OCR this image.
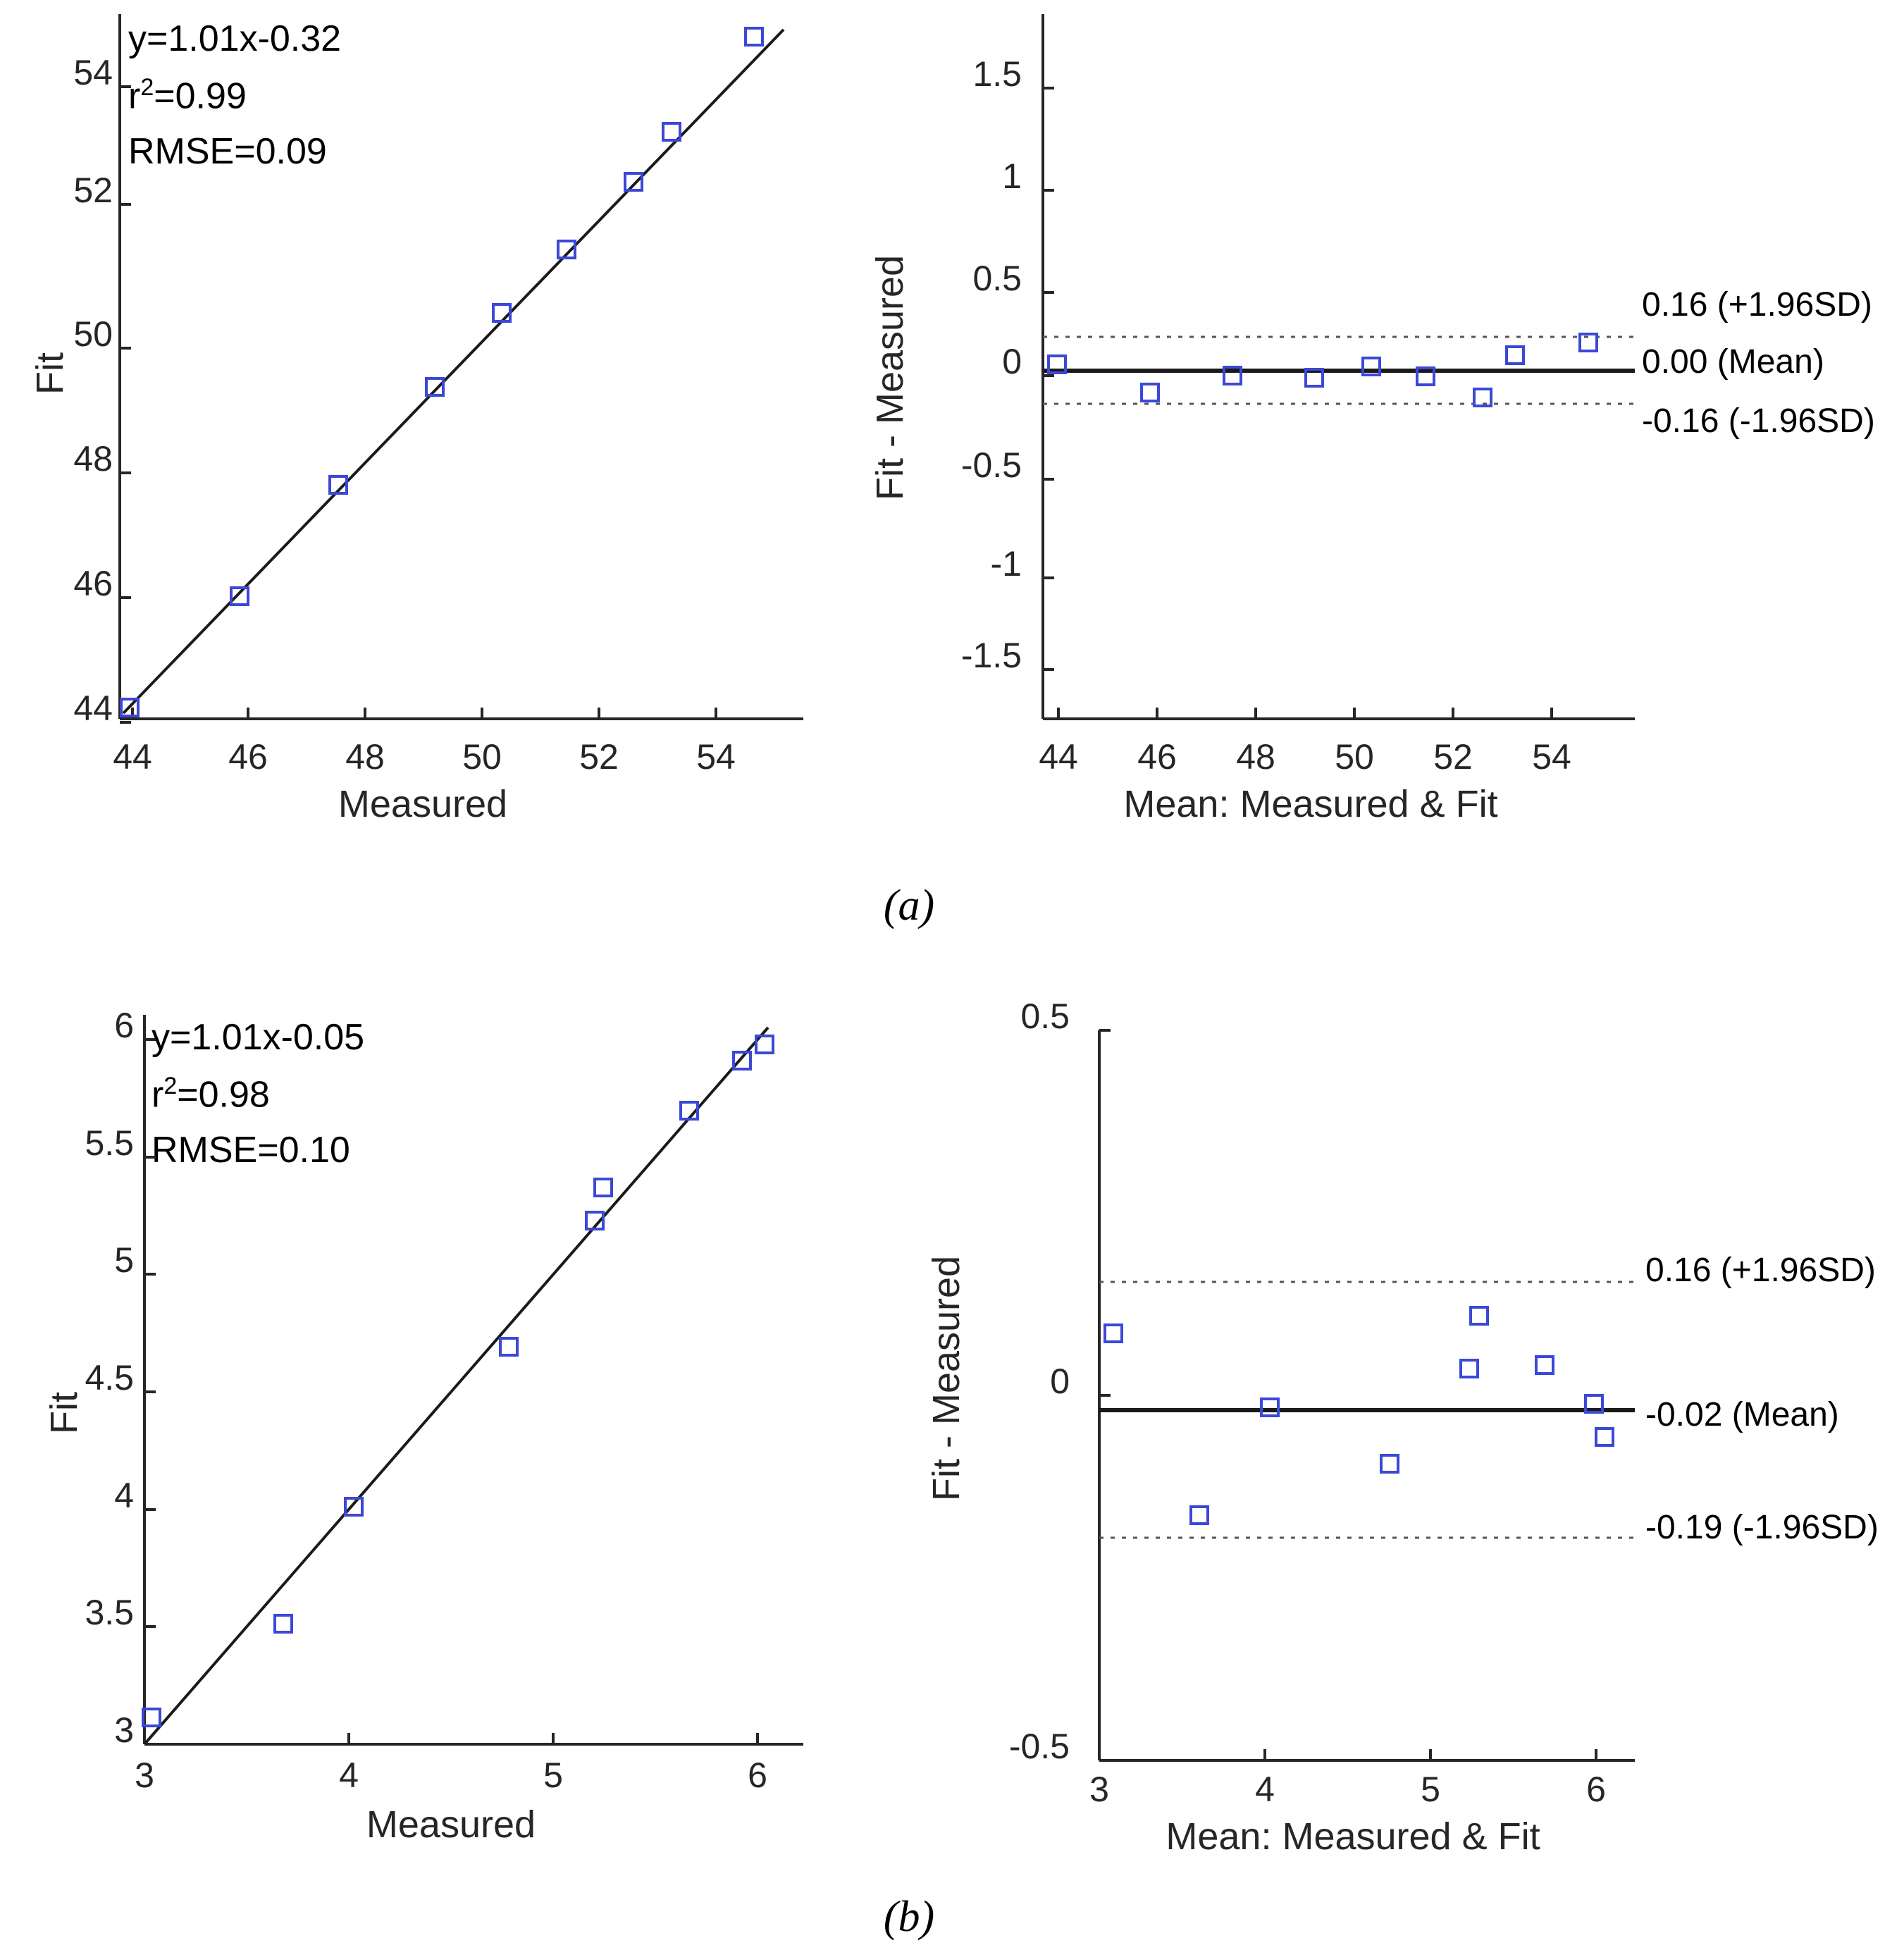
Fit
44
46
48
50
52
54
44 46 48 50 52 54
Measured
y=1.01x-0.32
$r^2=0.99$
RMSE=0.09
Fit - Measured
1.5
1
0.5
0
-0.5
-1
-1.5
44 46 48 50 52 54
Mean: Measured & Fit
0.16 (+1.96SD)
0.00 (Mean)
-0.16 (-1.96SD)
(a)
Fit
3
3.5
4
4.5
5
5.5
6
3	4	5	6
Measured
y=1.01x-0.05
$r^2=0.98$
RMSE=0.10
Fit - Measured
0.5
0
-0.5
3	4	5	6
Mean: Measured & Fit
0.16 (+1.96SD)
-0.02 (Mean)
-0.19 (-1.96SD)
(b)
